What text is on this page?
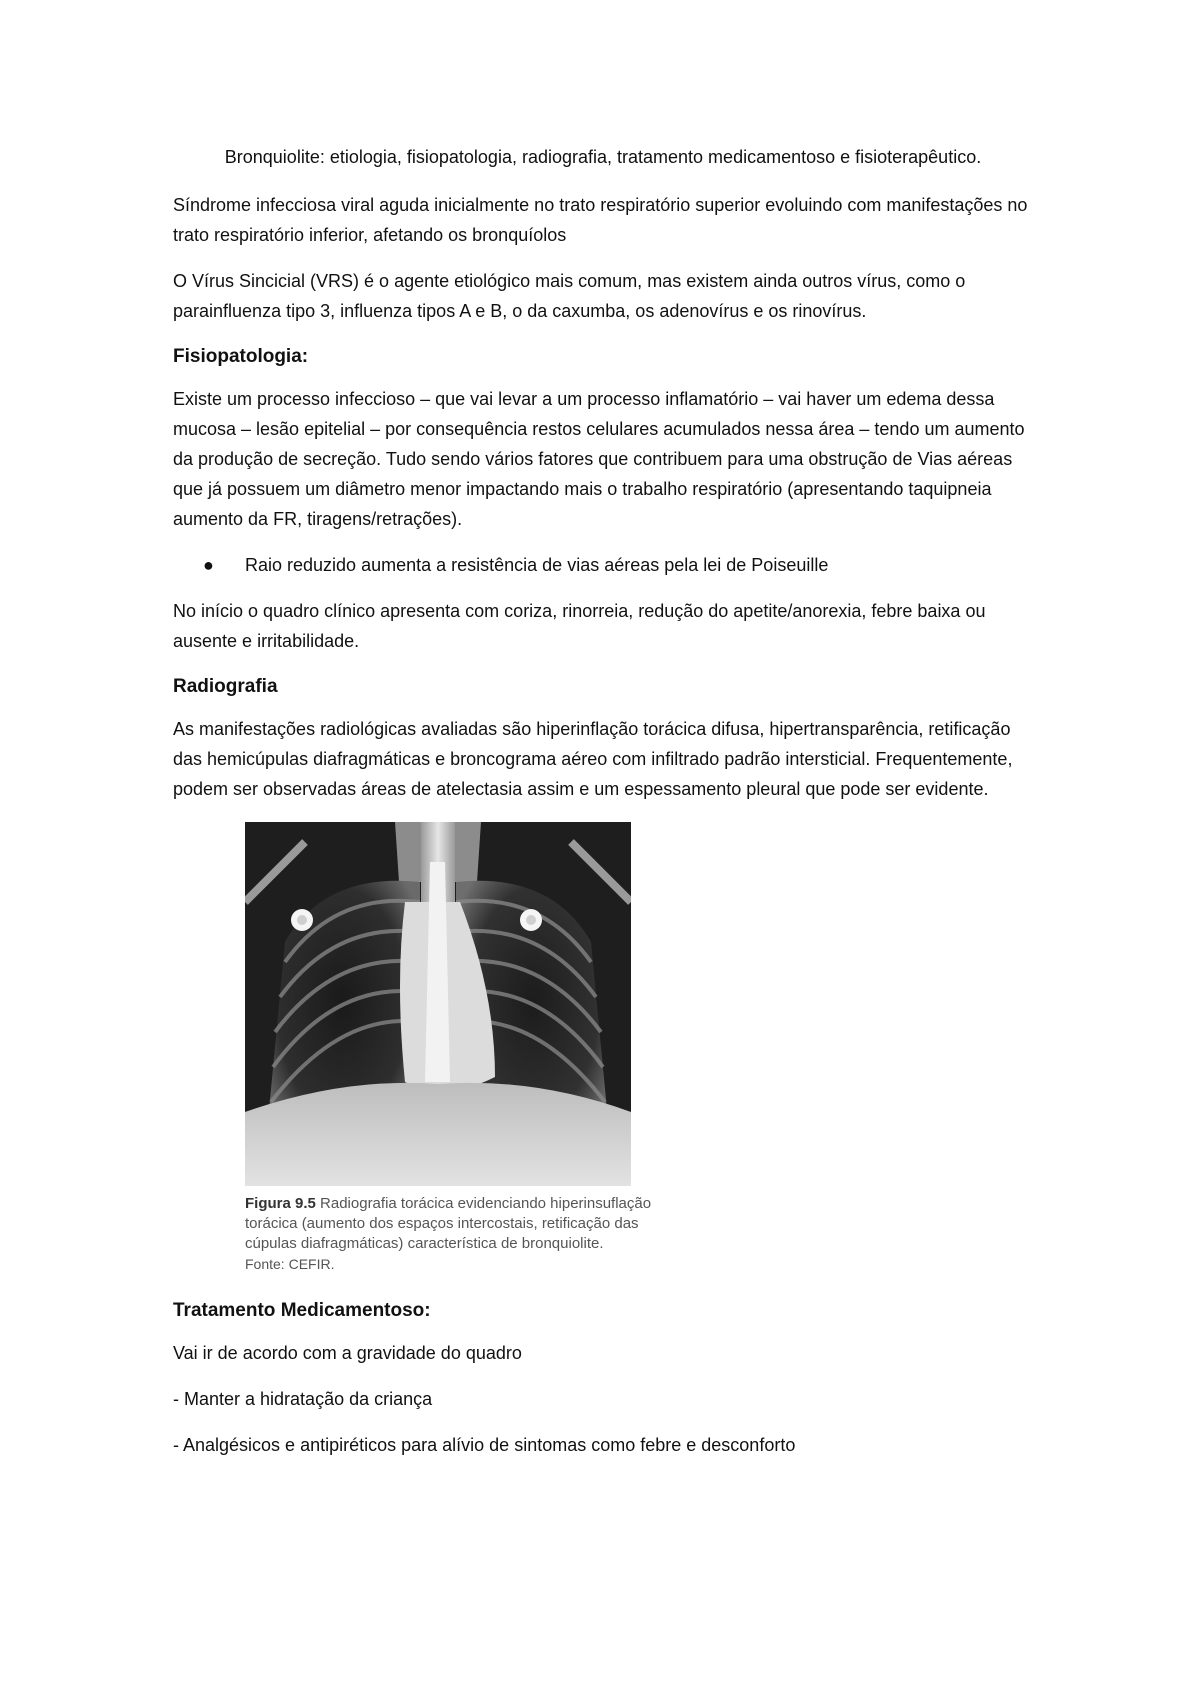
Bronquiolite: etiologia, fisiopatologia, radiografia, tratamento medicamentoso e fisioterapêutico.

Síndrome infecciosa viral aguda inicialmente no trato respiratório superior evoluindo com manifestações no trato respiratório inferior, afetando os bronquíolos

O Vírus Sincicial (VRS) é o agente etiológico mais comum, mas existem ainda outros vírus, como o parainfluenza tipo 3, influenza tipos A e B, o da caxumba, os adenovírus e os rinovírus.

Fisiopatologia:

Existe um processo infeccioso – que vai levar a um processo inflamatório – vai haver um edema dessa mucosa – lesão epitelial – por consequência restos celulares acumulados nessa área – tendo um aumento da produção de secreção. Tudo sendo vários fatores que contribuem para uma obstrução de Vias aéreas que já possuem um diâmetro menor impactando mais o trabalho respiratório (apresentando taquipneia aumento da FR, tiragens/retrações).

● Raio reduzido aumenta a resistência de vias aéreas pela lei de Poiseuille

No início o quadro clínico apresenta com coriza, rinorreia, redução do apetite/anorexia, febre baixa ou ausente e irritabilidade.

Radiografia

As manifestações radiológicas avaliadas são hiperinflação torácica difusa, hipertransparência, retificação das hemicúpulas diafragmáticas e broncograma aéreo com infiltrado padrão intersticial. Frequentemente, podem ser observadas áreas de atelectasia assim e um espessamento pleural que pode ser evidente.

Figura 9.5 Radiografia torácica evidenciando hiperinsuflação torácica (aumento dos espaços intercostais, retificação das cúpulas diafragmáticas) característica de bronquiolite.
Fonte: CEFIR.
Tratamento Medicamentoso:

Vai ir de acordo com a gravidade do quadro

- Manter a hidratação da criança

- Analgésicos e antipiréticos para alívio de sintomas como febre e desconforto
